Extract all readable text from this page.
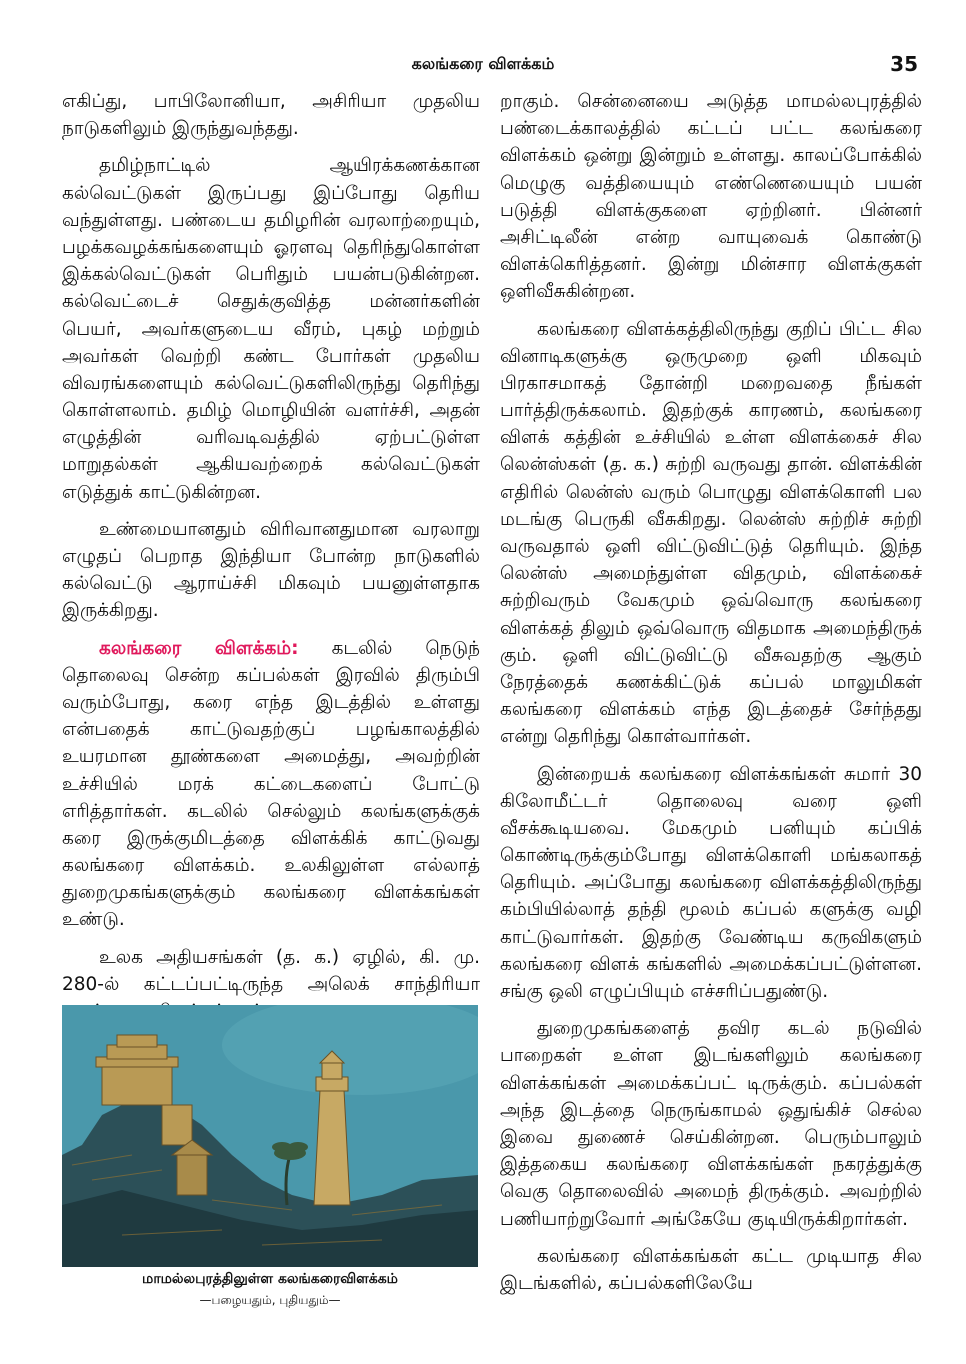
கலங்கரை விளக்கம்	35

எகிப்து, பாபிலோனியா, அசிரியா முதலிய நாடுகளிலும் இருந்துவந்தது.

தமிழ்நாட்டில் ஆயிரக்கணக்கான கல்வெட்டுகள் இருப்பது இப்போது தெரிய வந்துள்ளது. பண்டைய தமிழரின் வரலாற்றையும், பழக்கவழக்கங்களையும் ஓரளவு தெரிந்துகொள்ள இக்கல்வெட்டுகள் பெரிதும் பயன்படுகின்றன. கல்வெட்டைச் செதுக்குவித்த மன்னர்களின் பெயர், அவர்களுடைய வீரம், புகழ் மற்றும் அவர்கள் வெற்றி கண்ட போர்கள் முதலிய விவரங்களையும் கல்வெட்டுகளிலிருந்து தெரிந்து கொள்ளலாம். தமிழ் மொழியின் வளர்ச்சி, அதன் எழுத்தின் வரிவடிவத்தில் ஏற்பட்டுள்ள மாறுதல்கள் ஆகியவற்றைக் கல்வெட்டுகள் எடுத்துக் காட்டுகின்றன.

உண்மையானதும் விரிவானதுமான வரலாறு எழுதப் பெறாத இந்தியா போன்ற நாடுகளில் கல்வெட்டு ஆராய்ச்சி மிகவும் பயனுள்ளதாக இருக்கிறது.

கலங்கரை விளக்கம்: கடலில் நெடுந் தொலைவு சென்ற கப்பல்கள் இரவில் திரும்பி வரும்போது, கரை எந்த இடத்தில் உள்ளது என்பதைக் காட்டுவதற்குப் பழங்காலத்தில் உயரமான தூண்களை அமைத்து, அவற்றின் உச்சியில் மரக் கட்டைகளைப் போட்டு எரித்தார்கள். கடலில் செல்லும் கலங்களுக்குக் கரை இருக்குமிடத்தை விளக்கிக் காட்டுவது கலங்கரை விளக்கம். உலகிலுள்ள எல்லாத் துறைமுகங்களுக்கும் கலங்கரை விளக்கங்கள் உண்டு.

உலக அதியசங்கள் (த. க.) ஏழில், கி. மு. 280-ல் கட்டப்பட்டிருந்த அலெக் சாந்திரியா

மாமல்லபுரத்திலுள்ள கலங்கரைவிளக்கம்
—பழையதும், புதியதும்—

றாகும். சென்னையை அடுத்த மாமல்லபுரத்தில் பண்டைக்காலத்தில் கட்டப் பட்ட கலங்கரை விளக்கம் ஒன்று இன்றும் உள்ளது. காலப்போக்கில் மெழுகு வத்தியையும் எண்ணெயையும் பயன் படுத்தி விளக்குகளை ஏற்றினர். பின்னர் அசிட்டிலீன் என்ற வாயுவைக் கொண்டு விளக்கெரித்தனர். இன்று மின்சார விளக்குகள் ஒளிவீசுகின்றன.

கலங்கரை விளக்கத்திலிருந்து குறிப் பிட்ட சில வினாடிகளுக்கு ஒருமுறை ஒளி மிகவும் பிரகாசமாகத் தோன்றி மறைவதை நீங்கள் பார்த்திருக்கலாம். இதற்குக் காரணம், கலங்கரை விளக் கத்தின் உச்சியில் உள்ள விளக்கைச் சில லென்ஸ்கள் (த. க.) சுற்றி வருவது தான். விளக்கின் எதிரில் லென்ஸ் வரும் பொழுது விளக்கொளி பல மடங்கு பெருகி வீசுகிறது. லென்ஸ் சுற்றிச் சுற்றி வருவதால் ஒளி விட்டுவிட்டுத் தெரியும். இந்த லென்ஸ் அமைந்துள்ள விதமும், விளக்கைச் சுற்றிவரும் வேகமும் ஒவ்வொரு கலங்கரை விளக்கத் திலும் ஒவ்வொரு விதமாக அமைந்திருக் கும். ஒளி விட்டுவிட்டு வீசுவதற்கு ஆகும் நேரத்தைக் கணக்கிட்டுக் கப்பல் மாலுமிகள் கலங்கரை விளக்கம் எந்த இடத்தைச் சேர்ந்தது என்று தெரிந்து கொள்வார்கள்.

இன்றையக் கலங்கரை விளக்கங்கள் சுமார் 30 கிலோமீட்டர் தொலைவு வரை ஒளி வீசக்கூடியவை. மேகமும் பனியும் கப்பிக் கொண்டிருக்கும்போது விளக்கொளி மங்கலாகத் தெரியும். அப்போது கலங்கரை விளக்கத்திலிருந்து கம்பியில்லாத் தந்தி மூலம் கப்பல் களுக்கு வழி காட்டுவார்கள். இதற்கு வேண்டிய கருவிகளும் கலங்கரை விளக் கங்களில் அமைக்கப்பட்டுள்ளன. சங்கு ஒலி எழுப்பியும் எச்சரிப்பதுண்டு.

துறைமுகங்களைத் தவிர கடல் நடுவில் பாறைகள் உள்ள இடங்களிலும் கலங்கரை விளக்கங்கள் அமைக்கப்பட் டிருக்கும். கப்பல்கள் அந்த இடத்தை நெருங்காமல் ஒதுங்கிச் செல்ல இவை துணைச் செய்கின்றன. பெரும்பாலும் இத்தகைய கலங்கரை விளக்கங்கள் நகரத்துக்கு வெகு தொலைவில் அமைந் திருக்கும். அவற்றில் பணியாற்றுவோர் அங்கேயே குடியிருக்கிறார்கள்.

கலங்கரை விளக்கங்கள் கட்ட முடியாத சில இடங்களில், கப்பல்களிலேயே
